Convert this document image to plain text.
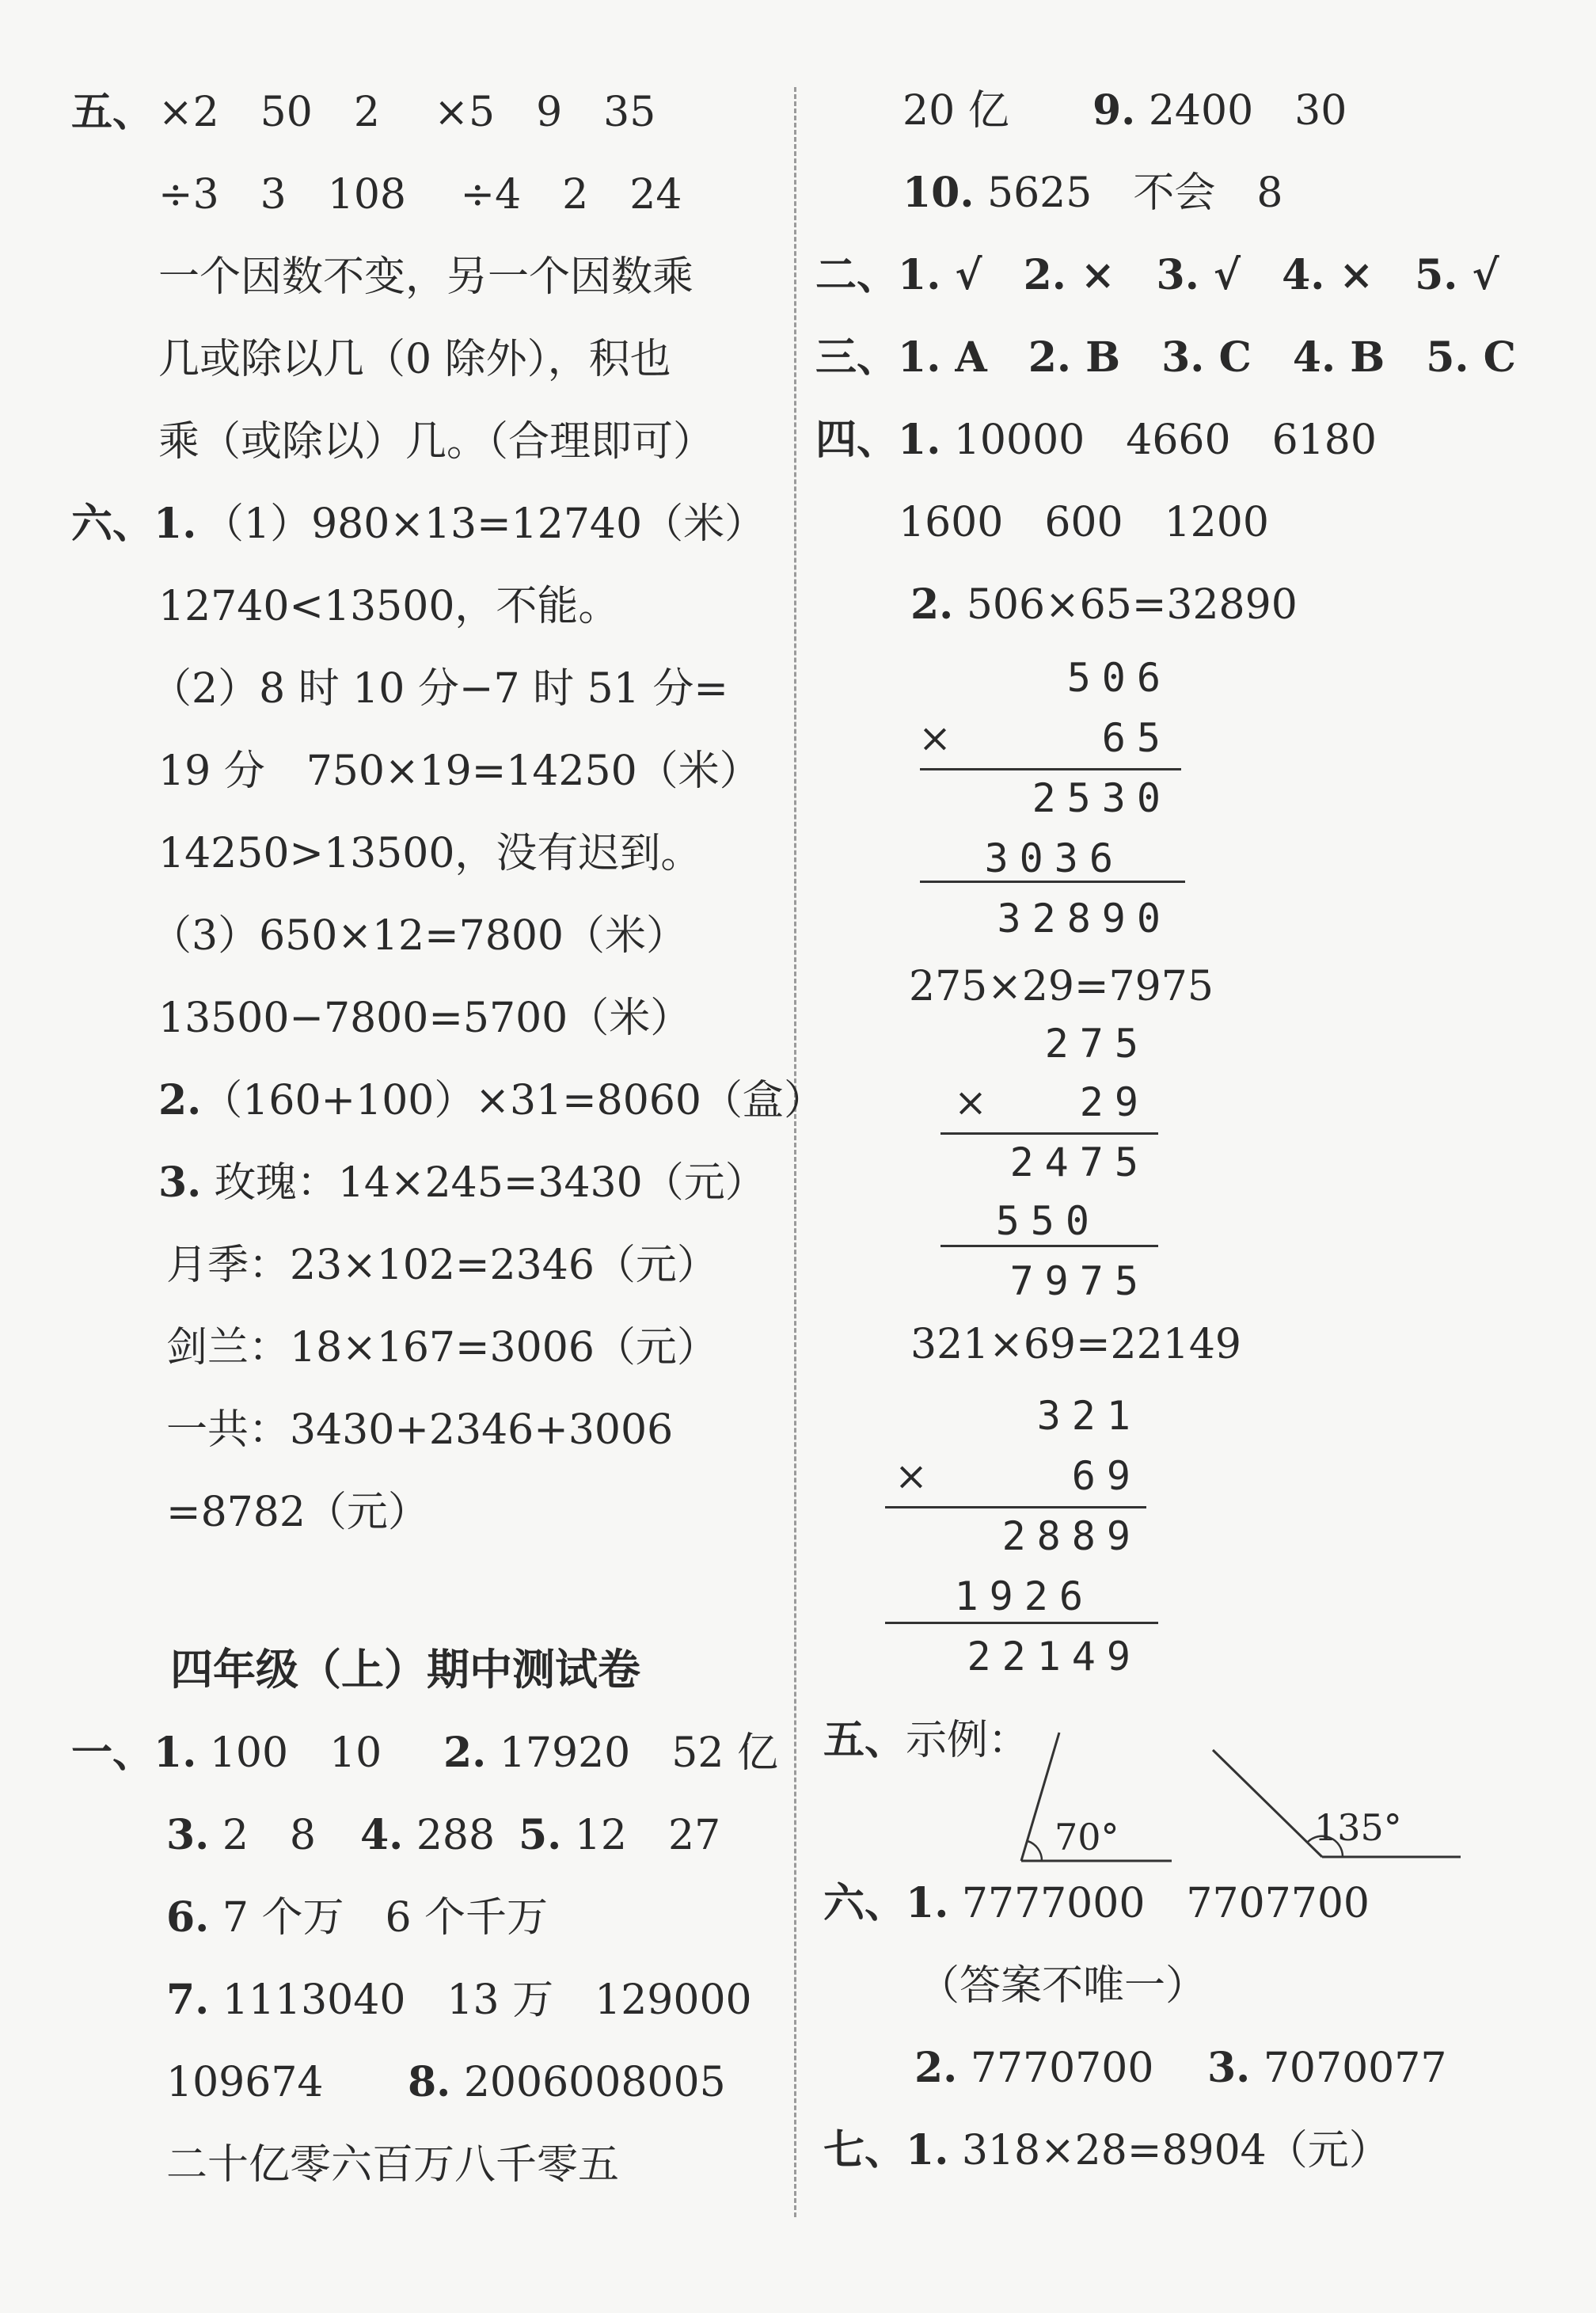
五、 ×2　50　2　 ×5　9　35
÷3　3　108　 ÷4　2　24
一个因数不变，另一个因数乘
几或除以几（0 除外），积也
乘（或除以）几。（合理即可）
六、1. （1）980×13=12740（米）
12740<13500，不能。
（2）8 时 10 分−7 时 51 分=
19 分　750×19=14250（米）
14250>13500，没有迟到。
（3）650×12=7800（米）
13500−7800=5700（米）
2.（160+100）×31=8060（盒）
3. 玫瑰：14×245=3430（元）
月季：23×102=2346（元）
剑兰：18×167=3006（元）
一共：3430+2346+3006
=8782（元）
四年级（上）期中测试卷
一、1. 100　10 2. 17920　52 亿
3. 2　8 4. 288 5. 12　27
6. 7 个万　6 个千万
7. 1113040　13 万　129000
109674 8. 2006008005
二十亿零六百万八千零五
20 亿 9. 2400　30
10. 5625　不会　8
二、1. √　2. ×　3. √　4. ×　5. √
三、1. A　2. B　3. C　4. B　5. C
四、1. 10000　4660　6180
1600　600　1200
2. 506×65=32890
506
×	65
2530
3036
32890
275×29=7975
275
×	29
2475
550
7975
321×69=22149
321
×	69
2889
1926
22149
五、示例：
70°	135°
六、1. 7777000　7707700
（答案不唯一）
2. 7770700 3. 7070077
七、1. 318×28=8904（元）
